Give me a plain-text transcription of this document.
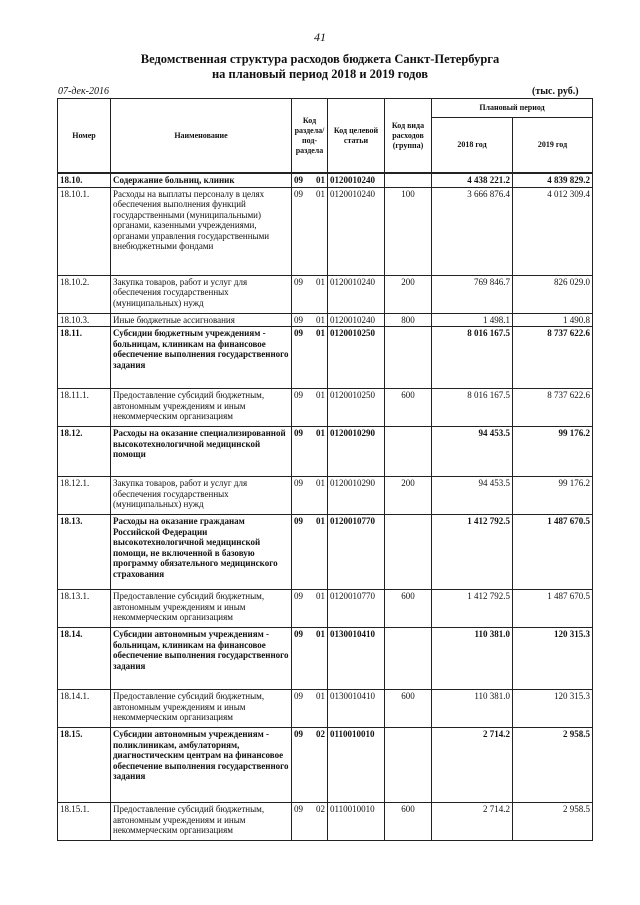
41
Ведомственная структура расходов бюджета Санкт-Петербурга
на плановый период 2018 и 2019 годов
07-дек-2016	(тыс. руб.)
Номер	Наименование	Код раздела/ под- раздела		Код целевой статьи	Код вида расходов (группа)	Плановый период	
						2018 год	2019 год
18.10.	Содержание больниц, клиник	09	01	0120010240		4 438 221.2	4 839 829.2
18.10.1.	Расходы на выплаты персоналу в целях обеспечения выполнения функций государственными (муниципальными) органами, казенными учреждениями, органами управления государственными внебюджетными фондами	09	01	0120010240	100	3 666 876.4	4 012 309.4
18.10.2.	Закупка товаров, работ и услуг для обеспечения государственных (муниципальных) нужд	09	01	0120010240	200	769 846.7	826 029.0
18.10.3.	Иные бюджетные ассигнования	09	01	0120010240	800	1 498.1	1 490.8
18.11.	Субсидии бюджетным учреждениям - больницам, клиникам на финансовое обеспечение выполнения государственного задания	09	01	0120010250		8 016 167.5	8 737 622.6
18.11.1.	Предоставление субсидий бюджетным, автономным учреждениям и иным некоммерческим организациям	09	01	0120010250	600	8 016 167.5	8 737 622.6
18.12.	Расходы на оказание специализированной высокотехнологичной медицинской помощи	09	01	0120010290		94 453.5	99 176.2
18.12.1.	Закупка товаров, работ и услуг для обеспечения государственных (муниципальных) нужд	09	01	0120010290	200	94 453.5	99 176.2
18.13.	Расходы на оказание гражданам Российской Федерации высокотехнологичной медицинской помощи, не включенной в базовую программу обязательного медицинского страхования	09	01	0120010770		1 412 792.5	1 487 670.5
18.13.1.	Предоставление субсидий бюджетным, автономным учреждениям и иным некоммерческим организациям	09	01	0120010770	600	1 412 792.5	1 487 670.5
18.14.	Субсидии автономным учреждениям - больницам, клиникам на финансовое обеспечение выполнения государственного задания	09	01	0130010410		110 381.0	120 315.3
18.14.1.	Предоставление субсидий бюджетным, автономным учреждениям и иным некоммерческим организациям	09	01	0130010410	600	110 381.0	120 315.3
18.15.	Субсидии автономным учреждениям - поликлиникам, амбулаториям, диагностическим центрам на финансовое обеспечение выполнения государственного задания	09	02	0110010010		2 714.2	2 958.5
18.15.1.	Предоставление субсидий бюджетным, автономным учреждениям и иным некоммерческим организациям	09	02	0110010010	600	2 714.2	2 958.5
